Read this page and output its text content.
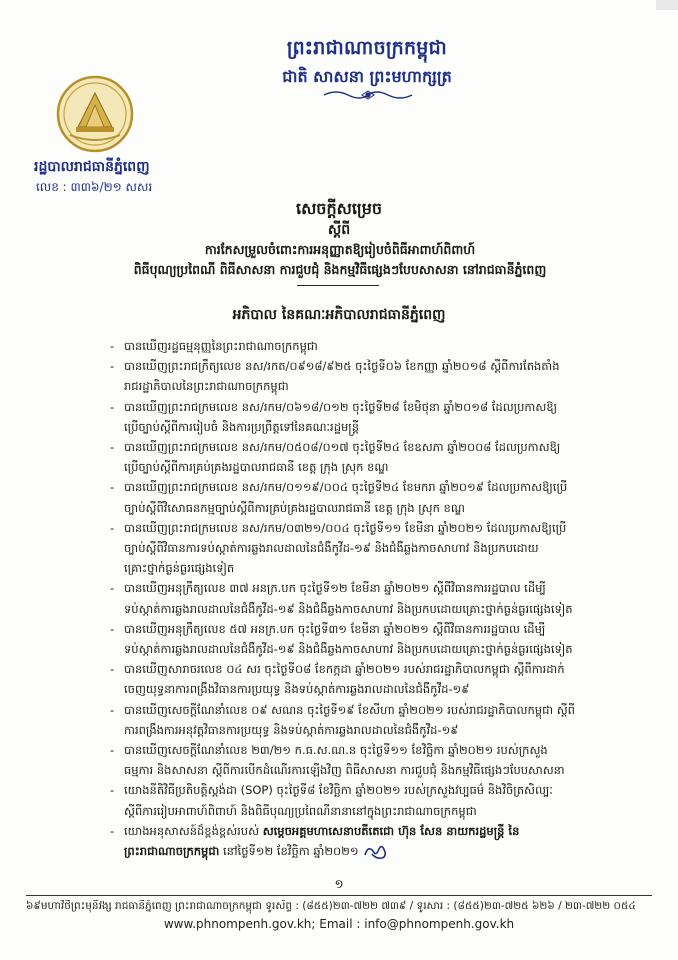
ព្រះរាជាណាចក្រកម្ពុជា
ជាតិ សាសនា ព្រះមហាក្សត្រ
រដ្ឋបាលរាជធានីភ្នំពេញ
លេខ : ៣៣៦/២១ សសរ
សេចក្ដីសម្រេច
ស្ដីពី
ការកែសម្រួលចំពោះការអនុញ្ញាតឱ្យរៀបចំពិធីអាពាហ៍ពិពាហ៍
ពិធីបុណ្យប្រពៃណី ពិធីសាសនា ការជួបជុំ និងកម្មវិធីផ្សេងៗបែបសាសនា នៅរាជធានីភ្នំពេញ
អភិបាល នៃគណៈអភិបាលរាជធានីភ្នំពេញ
- បានឃើញរដ្ឋធម្មនុញ្ញនៃព្រះរាជាណាចក្រកម្ពុជា
- បានឃើញព្រះរាជក្រឹត្យលេខ នស/រកត/០៩១៨/៩២៥ ចុះថ្ងៃទី០៦ ខែកញ្ញា ឆ្នាំ២០១៨ ស្ដីពីការតែងតាំង
រាជរដ្ឋាភិបាលនៃព្រះរាជាណាចក្រកម្ពុជា
- បានឃើញព្រះរាជក្រមលេខ នស/រកម/០៦១៨/០១២ ចុះថ្ងៃទី២៨ ខែមិថុនា ឆ្នាំ២០១៨ ដែលប្រកាសឱ្យ
ប្រើច្បាប់ស្ដីពីការរៀបចំ និងការប្រព្រឹត្តទៅនៃគណៈរដ្ឋមន្ត្រី
- បានឃើញព្រះរាជក្រមលេខ នស/រកម/០៥០៨/០១៧ ចុះថ្ងៃទី២៤ ខែឧសភា ឆ្នាំ២០០៨ ដែលប្រកាសឱ្យ
ប្រើច្បាប់ស្ដីពីការគ្រប់គ្រងរដ្ឋបាលរាជធានី ខេត្ត ក្រុង ស្រុក ខណ្ឌ
- បានឃើញព្រះរាជក្រមលេខ នស/រកម/០១១៩/០០៤ ចុះថ្ងៃទី២៤ ខែមករា ឆ្នាំ២០១៩ ដែលប្រកាសឱ្យប្រើ
ច្បាប់ស្ដីពីវិសោធនកម្មច្បាប់ស្ដីពីការគ្រប់គ្រងរដ្ឋបាលរាជធានី ខេត្ត ក្រុង ស្រុក ខណ្ឌ
- បានឃើញព្រះរាជក្រមលេខ នស/រកម/០៣២១/០០៤ ចុះថ្ងៃទី១១ ខែមីនា ឆ្នាំ២០២១ ដែលប្រកាសឱ្យប្រើ
ច្បាប់ស្ដីពីវិធានការទប់ស្កាត់ការឆ្លងរាលដាលនៃជំងឺកូវីដ-១៩ និងជំងឺឆ្លងកាចសាហាវ និងប្រកបដោយ
គ្រោះថ្នាក់ធ្ងន់ធ្ងរផ្សេងទៀត
- បានឃើញអនុក្រឹត្យលេខ ៣៧ អនក្រ.បក ចុះថ្ងៃទី១២ ខែមីនា ឆ្នាំ២០២១ ស្ដីពីវិធានការរដ្ឋបាល ដើម្បី
ទប់ស្កាត់ការឆ្លងរាលដាលនៃជំងឺកូវីដ-១៩ និងជំងឺឆ្លងកាចសាហាវ និងប្រកបដោយគ្រោះថ្នាក់ធ្ងន់ធ្ងរផ្សេងទៀត
- បានឃើញអនុក្រឹត្យលេខ ៥៧ អនក្រ.បក ចុះថ្ងៃទី៣១ ខែមីនា ឆ្នាំ២០២១ ស្ដីពីវិធានការរដ្ឋបាល ដើម្បី
ទប់ស្កាត់ការឆ្លងរាលដាលនៃជំងឺកូវីដ-១៩ និងជំងឺឆ្លងកាចសាហាវ និងប្រកបដោយគ្រោះថ្នាក់ធ្ងន់ធ្ងរផ្សេងទៀត
- បានឃើញសារាចរលេខ ០៤ សរ ចុះថ្ងៃទី០៨ ខែកក្កដា ឆ្នាំ២០២១ របស់រាជរដ្ឋាភិបាលកម្ពុជា ស្ដីពីការដាក់
ចេញយុទ្ធនាការពង្រឹងវិធានការប្រយុទ្ធ និងទប់ស្កាត់ការឆ្លងរាលដាលនៃជំងឺកូវីដ-១៩
- បានឃើញសេចក្ដីណែនាំលេខ ០៩ សណន ចុះថ្ងៃទី១៩ ខែសីហា ឆ្នាំ២០២១ របស់រាជរដ្ឋាភិបាលកម្ពុជា ស្ដីពី
ការពង្រឹងការអនុវត្តវិធានការប្រយុទ្ធ និងទប់ស្កាត់ការឆ្លងរាលដាលនៃជំងឺកូវីដ-១៩
- បានឃើញសេចក្ដីណែនាំលេខ ២៣/២១ ក.ធ.ស.ណ.ន ចុះថ្ងៃទី១១ ខែវិច្ឆិកា ឆ្នាំ២០២១ របស់ក្រសួង
ធម្មការ និងសាសនា ស្ដីពីការបើកដំណើរការឡើងវិញ ពិធីសាសនា ការជួបជុំ និងកម្មវិធីផ្សេងៗបែបសាសនា
- យោងនីតិវិធីប្រតិបត្តិស្តង់ដា (SOP) ចុះថ្ងៃទី៨ ខែវិច្ឆិកា ឆ្នាំ២០២១ របស់ក្រសួងវប្បធម៌ និងវិចិត្រសិល្បៈ
ស្ដីពីការរៀបអាពាហ៍ពិពាហ៍ និងពិធីបុណ្យប្រពៃណីនានានៅក្នុងព្រះរាជាណាចក្រកម្ពុជា
- យោងអនុសាសន៍ដ៏ខ្ពង់ខ្ពស់របស់ សម្ដេចអគ្គមហាសេនាបតីតេជោ ហ៊ុន សែន នាយករដ្ឋមន្ត្រី នៃ
ព្រះរាជាណាចក្រកម្ពុជា នៅថ្ងៃទី១២ ខែវិច្ឆិកា ឆ្នាំ២០២១
១
៦៩មហាវិថីព្រះមុនីវង្ស រាជធានីភ្នំពេញ ព្រះរាជាណាចក្រកម្ពុជា ទូរស័ព្ទ : (៨៥៥)២៣-៧២២ ៧៣៩ / ទូរសារ : (៨៥៥)២៣-៧២៥ ៦២៦ / ២៣-៧២២ ០៥៤
www.phnompenh.gov.kh; Email : info@phnompenh.gov.kh
